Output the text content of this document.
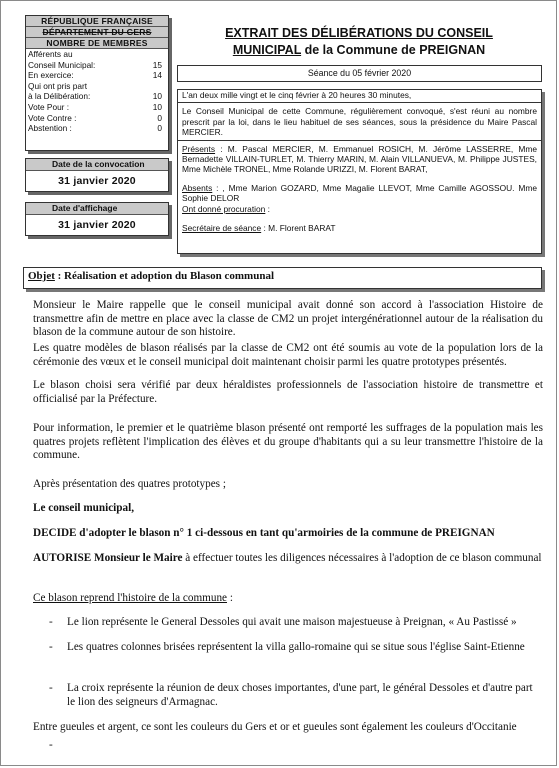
RÉPUBLIQUE FRANÇAISE
DÉPARTEMENT DU GERS
NOMBRE DE MEMBRES
Afférents au
Conseil Municipal:	15
En exercice:	14
Qui ont pris part
à la Délibération:	10
Vote Pour :	10
Vote Contre :	0
Abstention :	0
Date de la convocation
31 janvier 2020
Date d'affichage
31 janvier 2020
EXTRAIT DES DÉLIBÉRATIONS DU CONSEIL
MUNICIPAL de la Commune de PREIGNAN
Séance du 05 février 2020

L'an deux mille vingt et le cinq février à 20 heures 30 minutes,

Le Conseil Municipal de cette Commune, régulièrement convoqué, s'est réuni au nombre prescrit par la loi, dans le lieu habituel de ses séances, sous la présidence du Maire Pascal MERCIER.

Présents : M. Pascal MERCIER, M. Emmanuel ROSICH, M. Jérôme LASSERRE, Mme Bernadette VILLAIN-TURLET, M. Thierry MARIN, M. Alain VILLANUEVA, M. Philippe JUSTES, Mme Michèle TRONEL, Mme Rolande URIZZI, M. Florent BARAT,

Absents : , Mme Marion GOZARD, Mme Magalie LLEVOT, Mme Camille AGOSSOU. Mme Sophie DELOR

Ont donné procuration :

Secrétaire de séance : M. Florent BARAT

Objet : Réalisation et adoption du Blason communal
Monsieur le Maire rappelle que le conseil municipal avait donné son accord à l'association Histoire de transmettre afin de mettre en place avec la classe de CM2 un projet intergénérationnel autour de la réalisation du blason de la commune autour de son histoire.
Les quatre modèles de blason réalisés par la classe de CM2 ont été soumis au vote de la population lors de la cérémonie des vœux et le conseil municipal doit maintenant choisir parmi les quatre prototypes présentés.
Le blason choisi sera vérifié par deux héraldistes professionnels de l'association histoire de transmettre et officialisé par la Préfecture.
Pour information, le premier et le quatrième blason présenté ont remporté les suffrages de la population mais les quatres projets reflètent l'implication des élèves et du groupe d'habitants qui a su leur transmettre l'histoire de la commune.
Après présentation des quatres prototypes ;
Le conseil municipal,
DECIDE d'adopter le blason n° 1 ci-dessous en tant qu'armoiries de la commune de PREIGNAN
AUTORISE Monsieur le Maire à effectuer toutes les diligences nécessaires à l'adoption de ce blason communal
Ce blason reprend l'histoire de la commune :
- Le lion représente le General Dessoles qui avait une maison majestueuse à Preignan, « Au Pastissé »
- Les quatres colonnes brisées représentent la villa gallo-romaine qui se situe sous l'église Saint-Etienne
- La croix représente la réunion de deux choses importantes, d'une part, le général Dessoles et d'autre part le lion des seigneurs d'Armagnac.
Entre gueules et argent, ce sont les couleurs du Gers et or et gueules sont également les couleurs d'Occitanie
-
